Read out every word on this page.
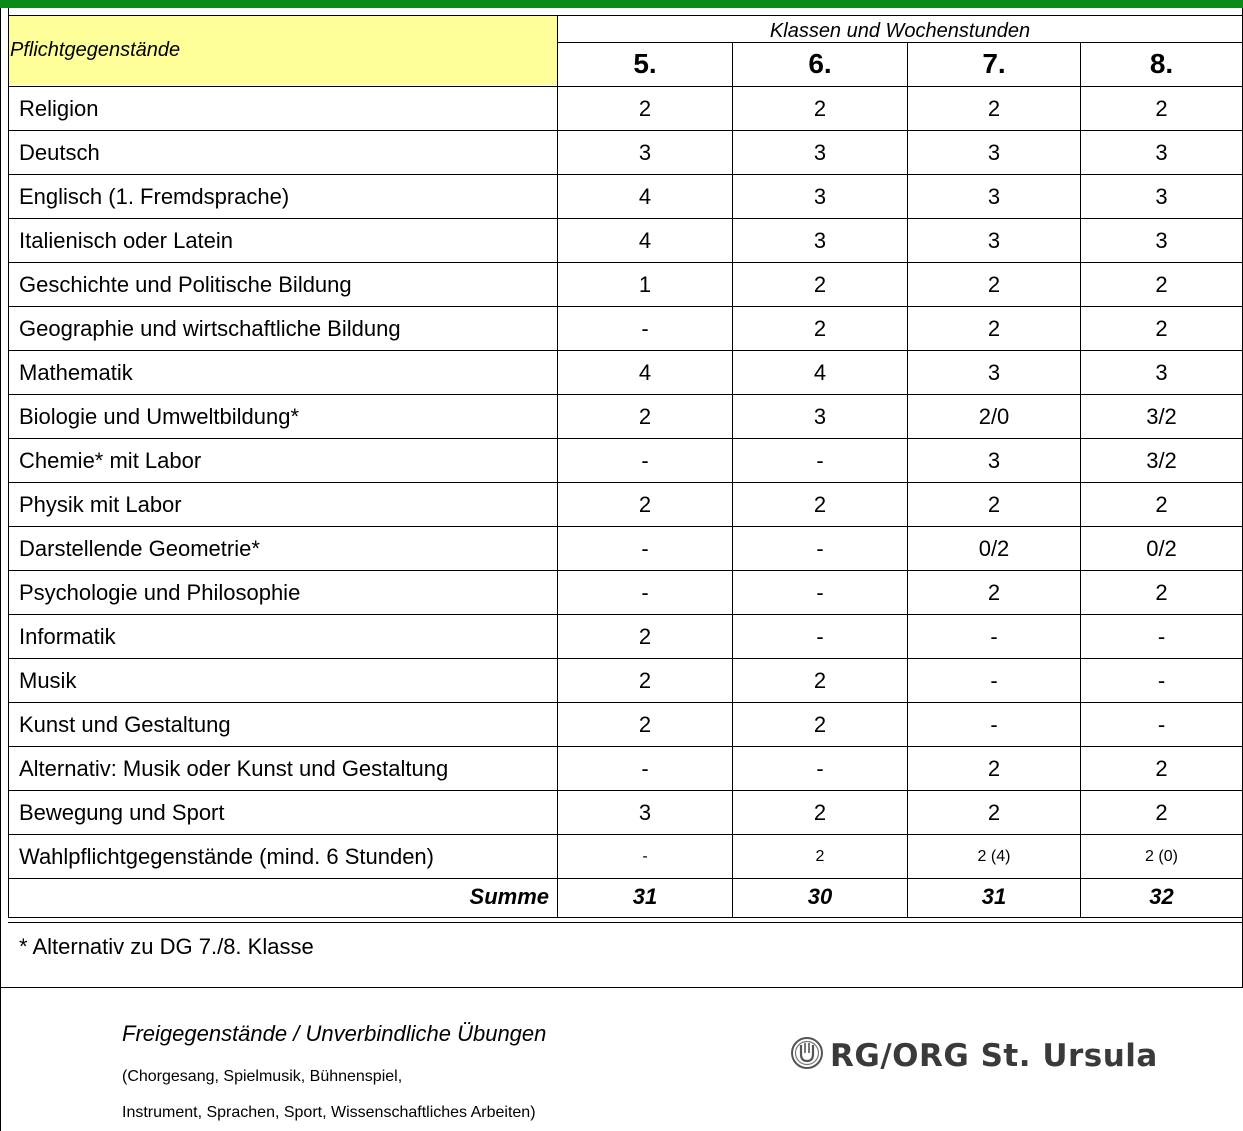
Pflichtgegenstände
Klassen und Wochenstunden
5.	6.	7.	8.
Religion	2	2	2	2
Deutsch	3	3	3	3
Englisch (1. Fremdsprache)	4	3	3	3
Italienisch oder Latein	4	3	3	3
Geschichte und Politische Bildung	1	2	2	2
Geographie und wirtschaftliche Bildung	-	2	2	2
Mathematik	4	4	3	3
Biologie und Umweltbildung*	2	3	2/0	3/2
Chemie* mit Labor	-	-	3	3/2
Physik mit Labor	2	2	2	2
Darstellende Geometrie*	-	-	0/2	0/2
Psychologie und Philosophie	-	-	2	2
Informatik	2	-	-	-
Musik	2	2	-	-
Kunst und Gestaltung	2	2	-	-
Alternativ: Musik oder Kunst und Gestaltung	-	-	2	2
Bewegung und Sport	3	2	2	2
Wahlpflichtgegenstände (mind. 6 Stunden)	-	2	2 (4)	2 (0)
Summe	31	30	31	32
* Alternativ zu DG 7./8. Klasse
Freigegenstände / Unverbindliche Übungen
(Chorgesang, Spielmusik, Bühnenspiel,
Instrument, Sprachen, Sport, Wissenschaftliches Arbeiten)
RG/ORG St. Ursula
